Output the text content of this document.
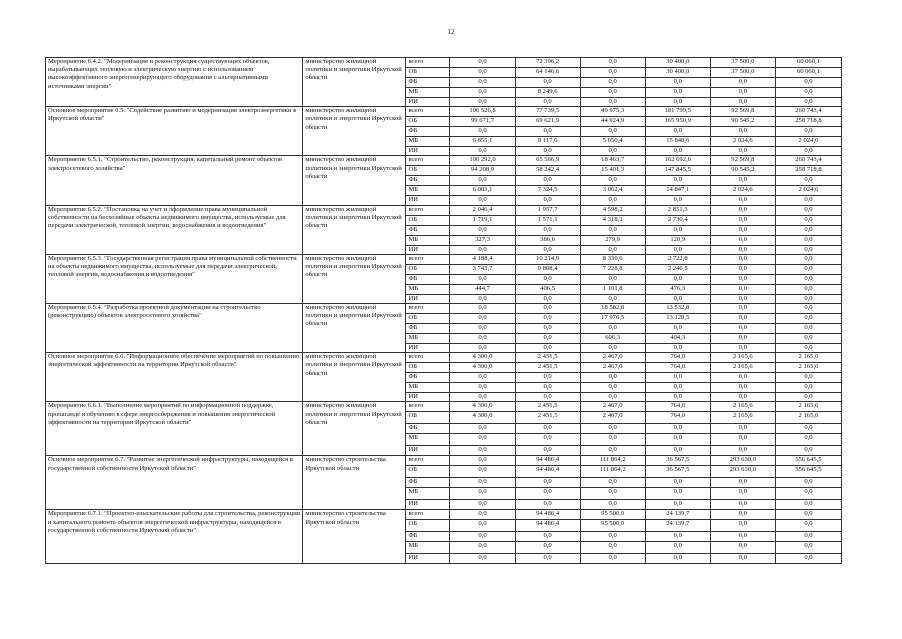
12
Мероприятие 6.4.2. "Модернизация и реконструкция существующих объектов, вырабатывающих тепловую и электрическую энергию с использованием высокоэффективного энергогенерирующего оборудования с альтернативными источниками энергии"	министерство жилищной политики и энергетики Иркутской области	всего	0,0	72 396,2	0,0	30 400,0	37 500,0	60 060,1
		ОБ	0,0	64 146,6	0,0	30 400,0	37 500,0	60 060,1
		ФБ	0,0	0,0	0,0	0,0	0,0	0,0
		МБ	0,0	8 249,6	0,0	0,0	0,0	0,0
		ИИ	0,0	0,0	0,0	0,0	0,0	0,0
Основное мероприятие 6.5. "Содействие развитию и модернизация электроэнергетики в Иркутской области"	министерство жилищной политики и энергетики Иркутской области	всего	106 526,8	77 739,5	49 975,3	181 799,5	92 569,8	260 743,4
		ОБ	99 671,7	69 621,9	44 924,9	165 950,9	90 545,2	258 718,8
		ФБ	0,0	0,0	0,0	0,0	0,0	0,0
		МБ	6 855,1	8 117,6	5 050,4	15 848,6	2 024,6	2 024,6
		ИИ	0,0	0,0	0,0	0,0	0,0	0,0
Мероприятие 6.5.1. "Строительство, реконструкция, капитальный ремонт объектов электросетевого хозяйства"	министерство жилищной политики и энергетики Иркутской области	всего	100 292,0	65 566,9	18 463,7	162 692,6	92 569,8	260 743,4
		ОБ	94 208,9	58 242,4	15 401,3	147 845,5	90 545,2	258 718,8
		ФБ	0,0	0,0	0,0	0,0	0,0	0,0
		МБ	6 083,1	7 324,5	3 062,4	14 847,1	2 024,6	2 024,6
		ИИ	0,0	0,0	0,0	0,0	0,0	0,0
Мероприятие 6.5.2. "Постановка на учет и оформление права муниципальной собственности на бесхозяйные объекты недвижимого имущества, используемые для передачи электрической, тепловой энергии, водоснабжения и водоотведения"	министерство жилищной политики и энергетики Иркутской области	всего	2 046,4	1 957,7	4 598,2	2 851,3	0,0	0,0
		ОБ	1 719,1	1 571,1	4 318,3	2 730,4	0,0	0,0
		ФБ	0,0	0,0	0,0	0,0	0,0	0,0
		МБ	327,3	386,6	279,9	120,9	0,0	0,0
		ИИ	0,0	0,0	0,0	0,0	0,0	0,0
Мероприятие 6.5.3. "Государственная регистрация права муниципальной собственности на объекты недвижимого имущества, используемые для передачи электрической, тепловой энергии, водоснабжения и водоотведения"	министерство жилищной политики и энергетики Иркутской области	всего	4 188,4	10 214,9	8 330,6	2 722,8	0,0	0,0
		ОБ	3 743,7	9 808,4	7 228,8	2 246,5	0,0	0,0
		ФБ	0,0	0,0	0,0	0,0	0,0	0,0
		МБ	444,7	406,5	1 101,8	476,3	0,0	0,0
		ИИ	0,0	0,0	0,0	0,0	0,0	0,0
Мероприятие 6.5.4. "Разработка проектной документации на строительство (реконструкцию) объектов электросетевого хозяйства"	министерство жилищной политики и энергетики Иркутской области	всего	0,0	0,0	18 582,8	13 532,8	0,0	0,0
		ОБ	0,0	0,0	17 976,5	13 128,5	0,0	0,0
		ФБ	0,0	0,0	0,0	0,0	0,0	0,0
		МБ	0,0	0,0	606,3	404,3	0,0	0,0
		ИИ	0,0	0,0	0,0	0,0	0,0	0,0
Основное мероприятие 6.6. "Информационное обеспечение мероприятий по повышению энергетической эффективности на территории Иркутской области"	министерство жилищной политики и энергетики Иркутской области	всего	4 300,0	2 451,5	2 467,0	764,0	2 165,6	2 165,6
		ОБ	4 300,0	2 451,5	2 467,0	764,0	2 165,6	2 165,6
		ФБ	0,0	0,0	0,0	0,0	0,0	0,0
		МБ	0,0	0,0	0,0	0,0	0,0	0,0
		ИИ	0,0	0,0	0,0	0,0	0,0	0,0
Мероприятие 6.6.1. "Выполнение мероприятий по информационной поддержке, пропаганде и обучению в сфере энергосбережения и повышения энергетической эффективности на территории Иркутской области"	министерство жилищной политики и энергетики Иркутской области	всего	4 300,0	2 451,5	2 467,0	764,0	2 165,6	2 165,6
		ОБ	4 300,0	2 451,5	2 467,0	764,0	2 165,6	2 165,6
		ФБ	0,0	0,0	0,0	0,0	0,0	0,0
		МБ	0,0	0,0	0,0	0,0	0,0	0,0
		ИИ	0,0	0,0	0,0	0,0	0,0	0,0
Основное мероприятие 6.7. "Развитие энергетической инфраструктуры, находящейся в государственной собственности Иркутской области"	министерство строительства Иркутской области	всего	0,0	94 486,4	111 864,2	36 567,5	293 630,0	556 645,5
		ОБ	0,0	94 486,4	111 864,2	36 567,5	293 630,0	556 645,5
		ФБ	0,0	0,0	0,0	0,0	0,0	0,0
		МБ	0,0	0,0	0,0	0,0	0,0	0,0
		ИИ	0,0	0,0	0,0	0,0	0,0	0,0
Мероприятие 6.7.1. "Проектно-изыскательские работы для строительства, реконструкции и капитального ремонта объектов энергетической инфраструктуры, находящейся в государственной собственности Иркутской области"	министерство строительства Иркутской области	всего	0,0	94 486,4	95 500,0	24 139,7	0,0	0,0
		ОБ	0,0	94 486,4	95 500,0	24 139,7	0,0	0,0
		ФБ	0,0	0,0	0,0	0,0	0,0	0,0
		МБ	0,0	0,0	0,0	0,0	0,0	0,0
		ИИ	0,0	0,0	0,0	0,0	0,0	0,0
